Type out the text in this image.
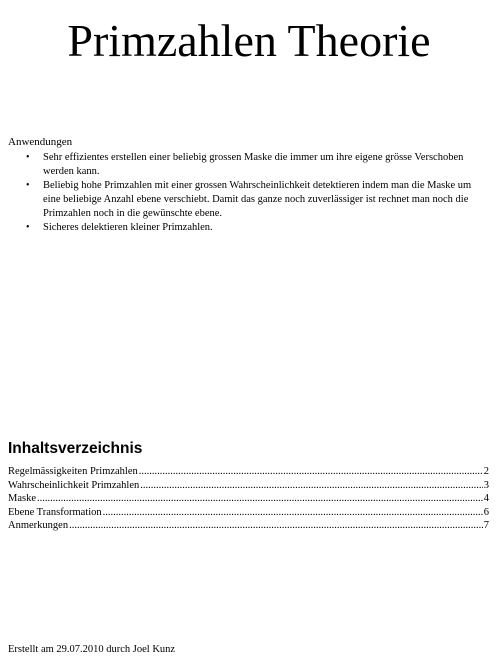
Primzahlen Theorie
Anwendungen
• Sehr effizientes erstellen einer beliebig grossen Maske die immer um ihre eigene grösse Verschoben werden kann.
• Beliebig hohe Primzahlen mit einer grossen Wahrscheinlichkeit detektieren indem man die Maske um eine beliebige Anzahl ebene verschiebt. Damit das ganze noch zuverlässiger ist rechnet man noch die Primzahlen noch in die gewünschte ebene.
• Sicheres delektieren kleiner Primzahlen.
Inhaltsverzeichnis
Regelmässigkeiten Primzahlen .....	2
Wahrscheinlichkeit Primzahlen .....	3
Maske .....	4
Ebene Transformation .....	6
Anmerkungen .....	7
Erstellt am 29.07.2010 durch Joel Kunz
